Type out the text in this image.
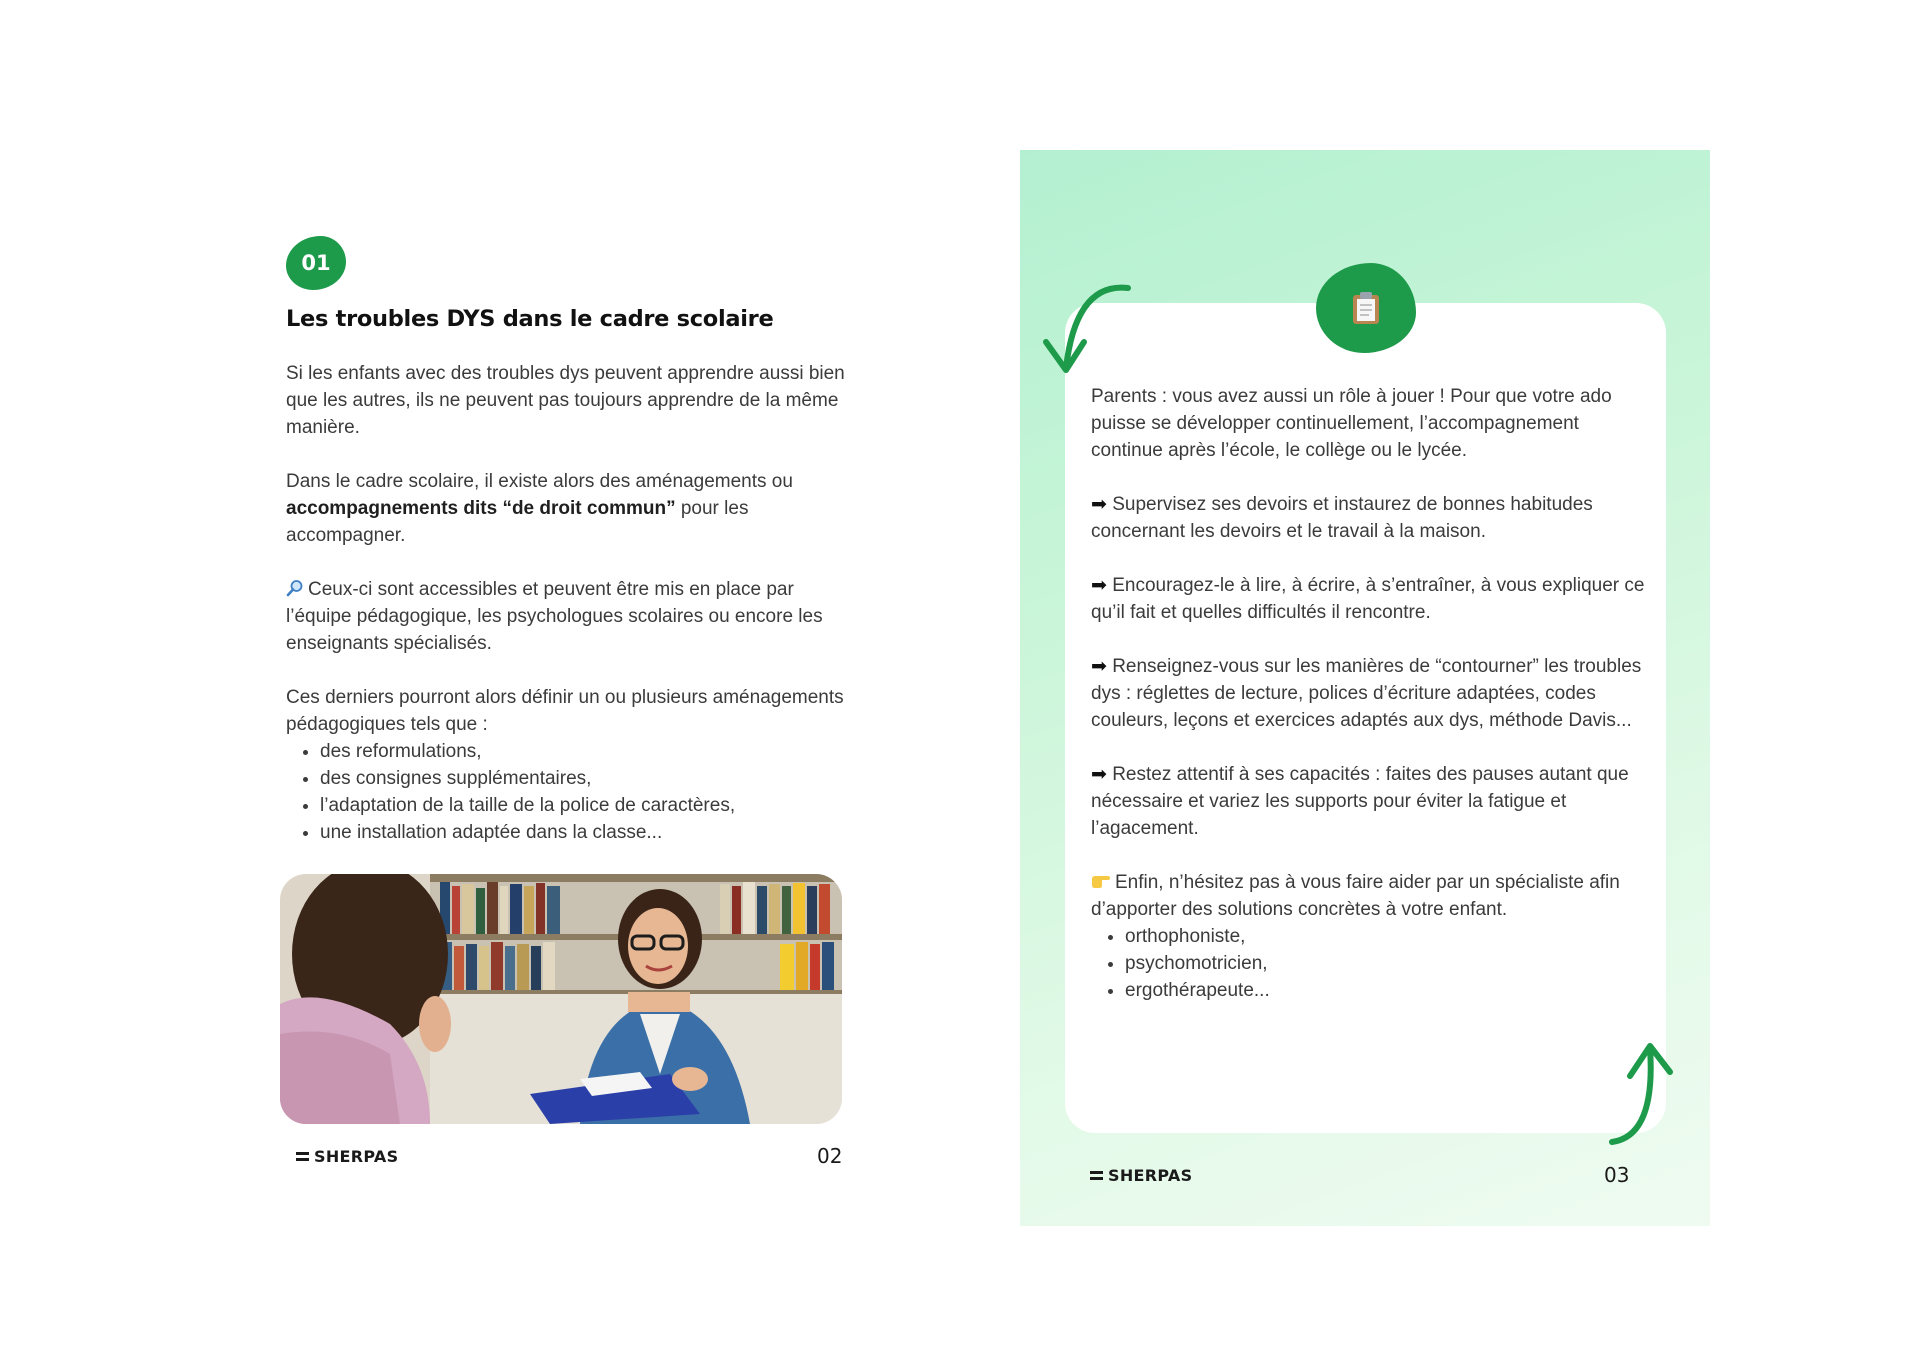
01
Les troubles DYS dans le cadre scolaire

Si les enfants avec des troubles dys peuvent apprendre aussi bien que les autres, ils ne peuvent pas toujours apprendre de la même manière.

Dans le cadre scolaire, il existe alors des aménagements ou accompagnements dits “de droit commun” pour les accompagner.

Ceux-ci sont accessibles et peuvent être mis en place par l’équipe pédagogique, les psychologues scolaires ou encore les enseignants spécialisés.

Ces derniers pourront alors définir un ou plusieurs aménagements pédagogiques tels que :
• des reformulations,
• des consignes supplémentaires,
• l’adaptation de la taille de la police de caractères,
• une installation adaptée dans la classe...
SHERPAS	02

Parents : vous avez aussi un rôle à jouer ! Pour que votre ado puisse se développer continuellement, l’accompagnement continue après l’école, le collège ou le lycée.

➡ Supervisez ses devoirs et instaurez de bonnes habitudes concernant les devoirs et le travail à la maison.

➡ Encouragez-le à lire, à écrire, à s’entraîner, à vous expliquer ce qu’il fait et quelles difficultés il rencontre.

➡ Renseignez-vous sur les manières de “contourner” les troubles dys : réglettes de lecture, polices d’écriture adaptées, codes couleurs, leçons et exercices adaptés aux dys, méthode Davis...

➡ Restez attentif à ses capacités : faites des pauses autant que nécessaire et variez les supports pour éviter la fatigue et l’agacement.

Enfin, n’hésitez pas à vous faire aider par un spécialiste afin d’apporter des solutions concrètes à votre enfant.
• orthophoniste,
• psychomotricien,
• ergothérapeute...
SHERPAS	03
